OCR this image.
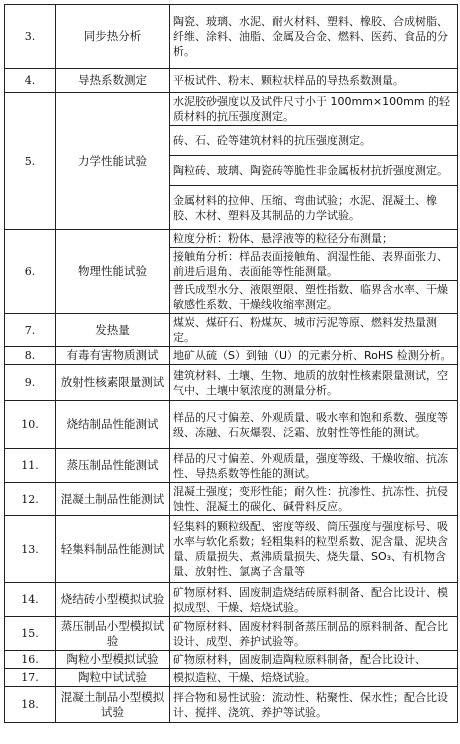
3.	同步热分析	陶瓷、玻璃、水泥、耐火材料、塑料、橡胶、合成树脂、纤维、涂料、油脂、金属及合金、燃料、医药、食品的分析。
4.	导热系数测定	平板试件、粉末、颗粒状样品的导热系数测量。
5.	力学性能试验	水泥胶砂强度以及试件尺寸小于 100mm×100mm 的轻质材料的抗压强度测定。
		砖、石、砼等建筑材料的抗压强度测定。
		陶粒砖、玻璃、陶瓷砖等脆性非金属板材抗折强度测定。
		金属材料的拉伸、压缩、弯曲试验；水泥、混凝土、橡胶、木材、塑料及其制品的力学试验。
6.	物理性能试验	粒度分析：粉体、悬浮液等的粒径分布测量；
		接触角分析：样品表面接触角、润湿性能、表界面张力、前进后退角、表面能等性能测量。
		普氏成型水分、液限塑限、塑性指数、临界含水率、干燥敏感性系数、干燥线收缩率测定。
7.	发热量	煤炭、煤矸石、粉煤灰、城市污泥等原、燃料发热量测定。
8.	有毒有害物质测试	地矿从硫（S）到铀（U）的元素分析、RoHS 检测分析。
9.	放射性核素限量测试	建筑材料、土壤、生物、地质的放射性核素限量测试，空气中、土壤中氡浓度的测量分析。
10.	烧结制品性能测试	样品的尺寸偏差、外观质量、吸水率和饱和系数、强度等级、冻融、石灰爆裂、泛霜、放射性等性能的测试。
11.	蒸压制品性能测试	样品的尺寸偏差、外观质量，强度等级、干燥收缩、抗冻性、导热系数等性能的测试。
12.	混凝土制品性能测试	混凝土强度；变形性能；耐久性：抗渗性、抗冻性、抗侵蚀性、混凝土的碳化、碱骨料反应。
13.	轻集料制品性能测试	轻集料的颗粒级配、密度等级、筒压强度与强度标号、吸水率与软化系数；轻粗集料的粒型系数、泥含量、泥块含量、质量损失、煮沸质量损失、烧失量、SO₃、有机物含量、放射性、氯离子含量等
14.	烧结砖小型模拟试验	矿物原材料、固废制造烧结砖原料制备、配合比设计、模拟成型、干燥、焙烧试验。
15.	蒸压制品小型模拟试验	矿物原材料、固废材料制备蒸压制品的原料制备、配合比设计、成型、养护试验等。
16.	陶粒小型模拟试验	矿物原材料，固废制造陶粒原料制备，配合比设计、
17.	陶粒中试试验	模拟造粒、干燥、焙烧试验。
18.	混凝土制品小型模拟试验	拌合物和易性试验：流动性、粘聚性、保水性；配合比设计、搅拌、浇筑、养护等试验。
